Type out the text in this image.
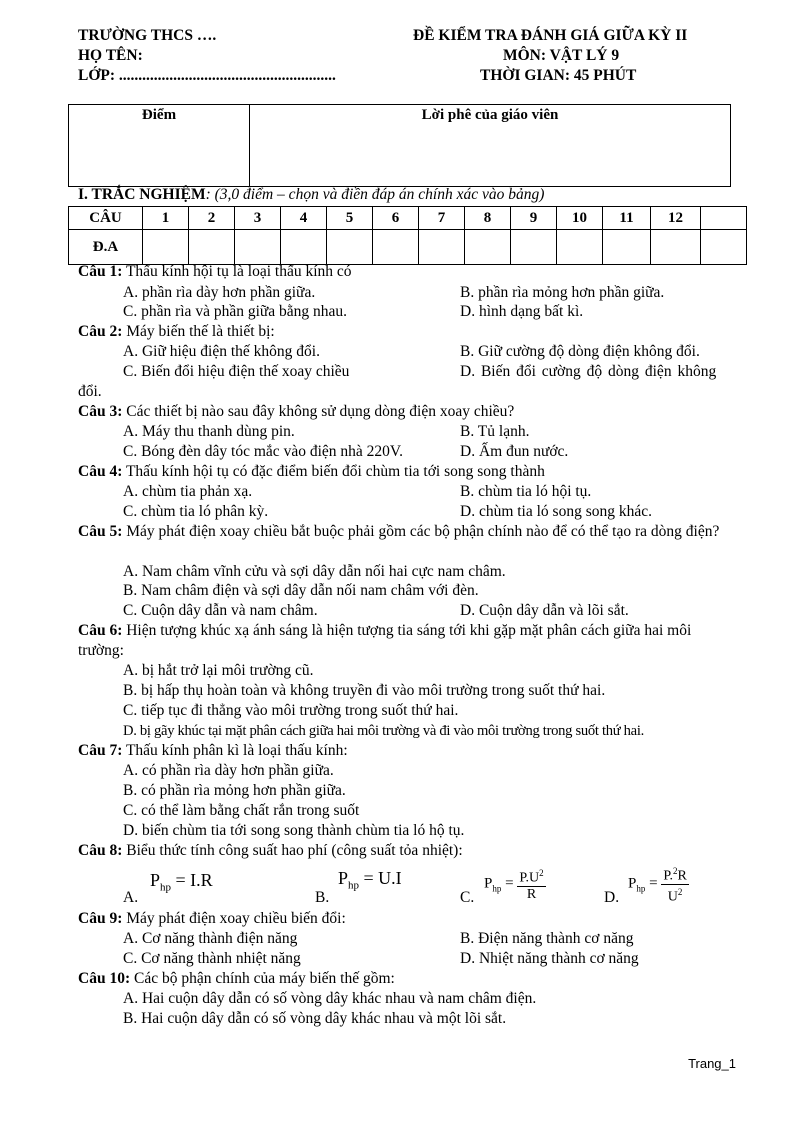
TRƯỜNG THCS ….
HỌ TÊN:
LỚP: ........................................................
ĐỀ KIỂM TRA ĐÁNH GIÁ GIỮA KỲ II
MÔN: VẬT LÝ 9
THỜI GIAN: 45 PHÚT
Điểm	Lời phê của giáo viên
I. TRẮC NGHIỆM: (3,0 điểm – chọn và điền đáp án chính xác vào bảng)
CÂU	1	2	3	4	5	6	7	8	9	10	11	12	
Đ.A													
Câu 1: Thấu kính hội tụ là loại thấu kính có
A. phần rìa dày hơn phần giữa.	B. phần rìa mỏng hơn phần giữa.
C. phần rìa và phần giữa bằng nhau.	D. hình dạng bất kì.
Câu 2: Máy biến thế là thiết bị:
A. Giữ hiệu điện thế không đổi.	B. Giữ cường độ dòng điện không đổi.
C. Biến đổi hiệu điện thế xoay chiều	D. Biến đổi cường độ dòng điện không
đổi.
Câu 3: Các thiết bị nào sau đây không sử dụng dòng điện xoay chiều?
A. Máy thu thanh dùng pin.	B. Tủ lạnh.
C. Bóng đèn dây tóc mắc vào điện nhà 220V.	D. Ấm đun nước.
Câu 4: Thấu kính hội tụ có đặc điểm biến đổi chùm tia tới song song thành
A. chùm tia phản xạ.	B. chùm tia ló hội tụ.
C. chùm tia ló phân kỳ.	D. chùm tia ló song song khác.
Câu 5: Máy phát điện xoay chiều bắt buộc phải gồm các bộ phận chính nào để có thể tạo ra dòng điện?
A. Nam châm vĩnh cửu và sợi dây dẫn nối hai cực nam châm.
B. Nam châm điện và sợi dây dẫn nối nam châm với đèn.
C. Cuộn dây dẫn và nam châm.	D. Cuộn dây dẫn và lõi sắt.
Câu 6: Hiện tượng khúc xạ ánh sáng là hiện tượng tia sáng tới khi gặp mặt phân cách giữa hai môi trường:
A. bị hắt trở lại môi trường cũ.
B. bị hấp thụ hoàn toàn và không truyền đi vào môi trường trong suốt thứ hai.
C. tiếp tục đi thẳng vào môi trường trong suốt thứ hai.
D. bị gãy khúc tại mặt phân cách giữa hai môi trường và đi vào môi trường trong suốt thứ hai.
Câu 7: Thấu kính phân kì là loại thấu kính:
A. có phần rìa dày hơn phần giữa.
B. có phần rìa mỏng hơn phần giữa.
C. có thể làm bằng chất rắn trong suốt
D. biến chùm tia tới song song thành chùm tia ló hộ tụ.
Câu 8: Biểu thức tính công suất hao phí (công suất tỏa nhiệt):
A.
$P_{hp} = I.R$
B.
$P_{hp} = U.I$
C.
$P_{hp} = \frac{P.U^2}{R}$	D.
$P_{hp} = \frac{P.^2R}{U^2}$
Câu 9: Máy phát điện xoay chiều biến đổi:
A. Cơ năng thành điện năng	B. Điện năng thành cơ năng
C. Cơ năng thành nhiệt năng	D. Nhiệt năng thành cơ năng
Câu 10: Các bộ phận chính của máy biến thế gồm:
A. Hai cuộn dây dẫn có số vòng dây khác nhau và nam châm điện.
B. Hai cuộn dây dẫn có số vòng dây khác nhau và một lõi sắt.
Trang_1
